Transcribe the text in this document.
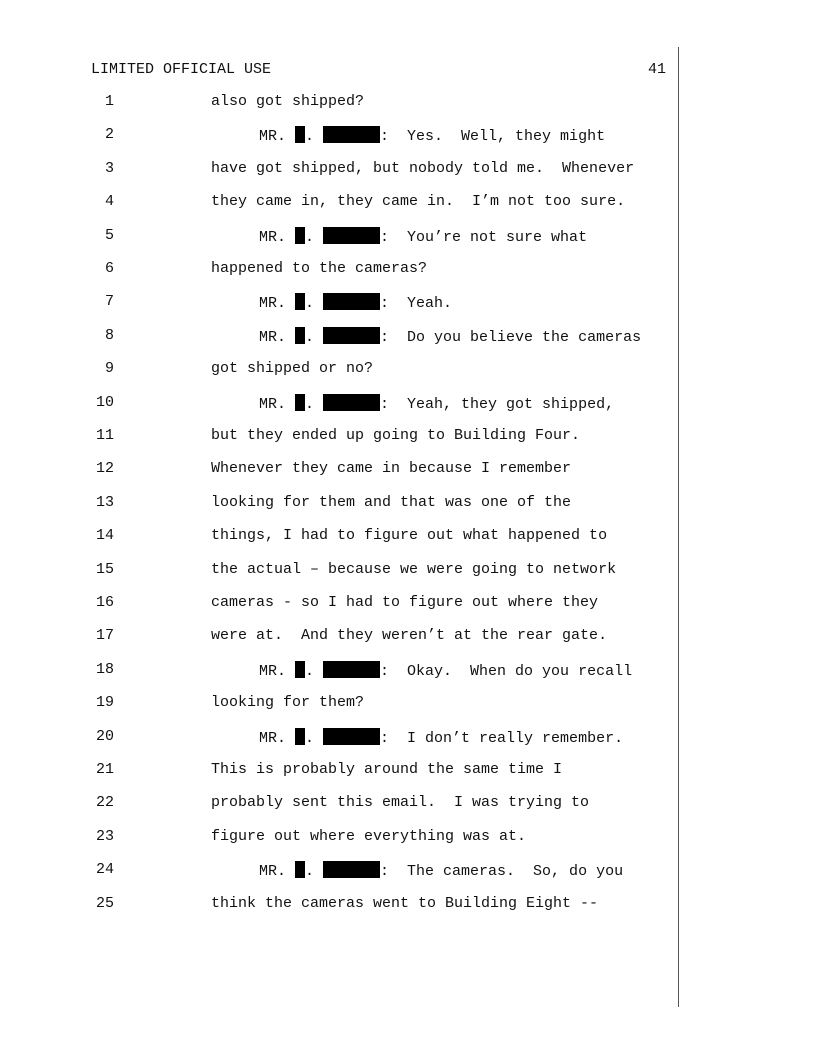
LIMITED OFFICIAL USE	41
1	also got shipped?
2	MR. .	:  Yes.  Well, they might
3	have got shipped, but nobody told me.  Whenever
4	they came in, they came in.  I’m not too sure.
5	MR. .	:  You’re not sure what
6	happened to the cameras?
7	MR. .	:  Yeah.
8	MR. .	:  Do you believe the cameras
9	got shipped or no?
10	MR. .	:  Yeah, they got shipped,
11	but they ended up going to Building Four.
12	Whenever they came in because I remember
13	looking for them and that was one of the
14	things, I had to figure out what happened to
15	the actual – because we were going to network
16	cameras - so I had to figure out where they
17	were at.  And they weren’t at the rear gate.
18	MR. .	:  Okay.  When do you recall
19	looking for them?
20	MR. .	:  I don’t really remember.
21	This is probably around the same time I
22	probably sent this email.  I was trying to
23	figure out where everything was at.
24	MR. .	:  The cameras.  So, do you
25	think the cameras went to Building Eight --
